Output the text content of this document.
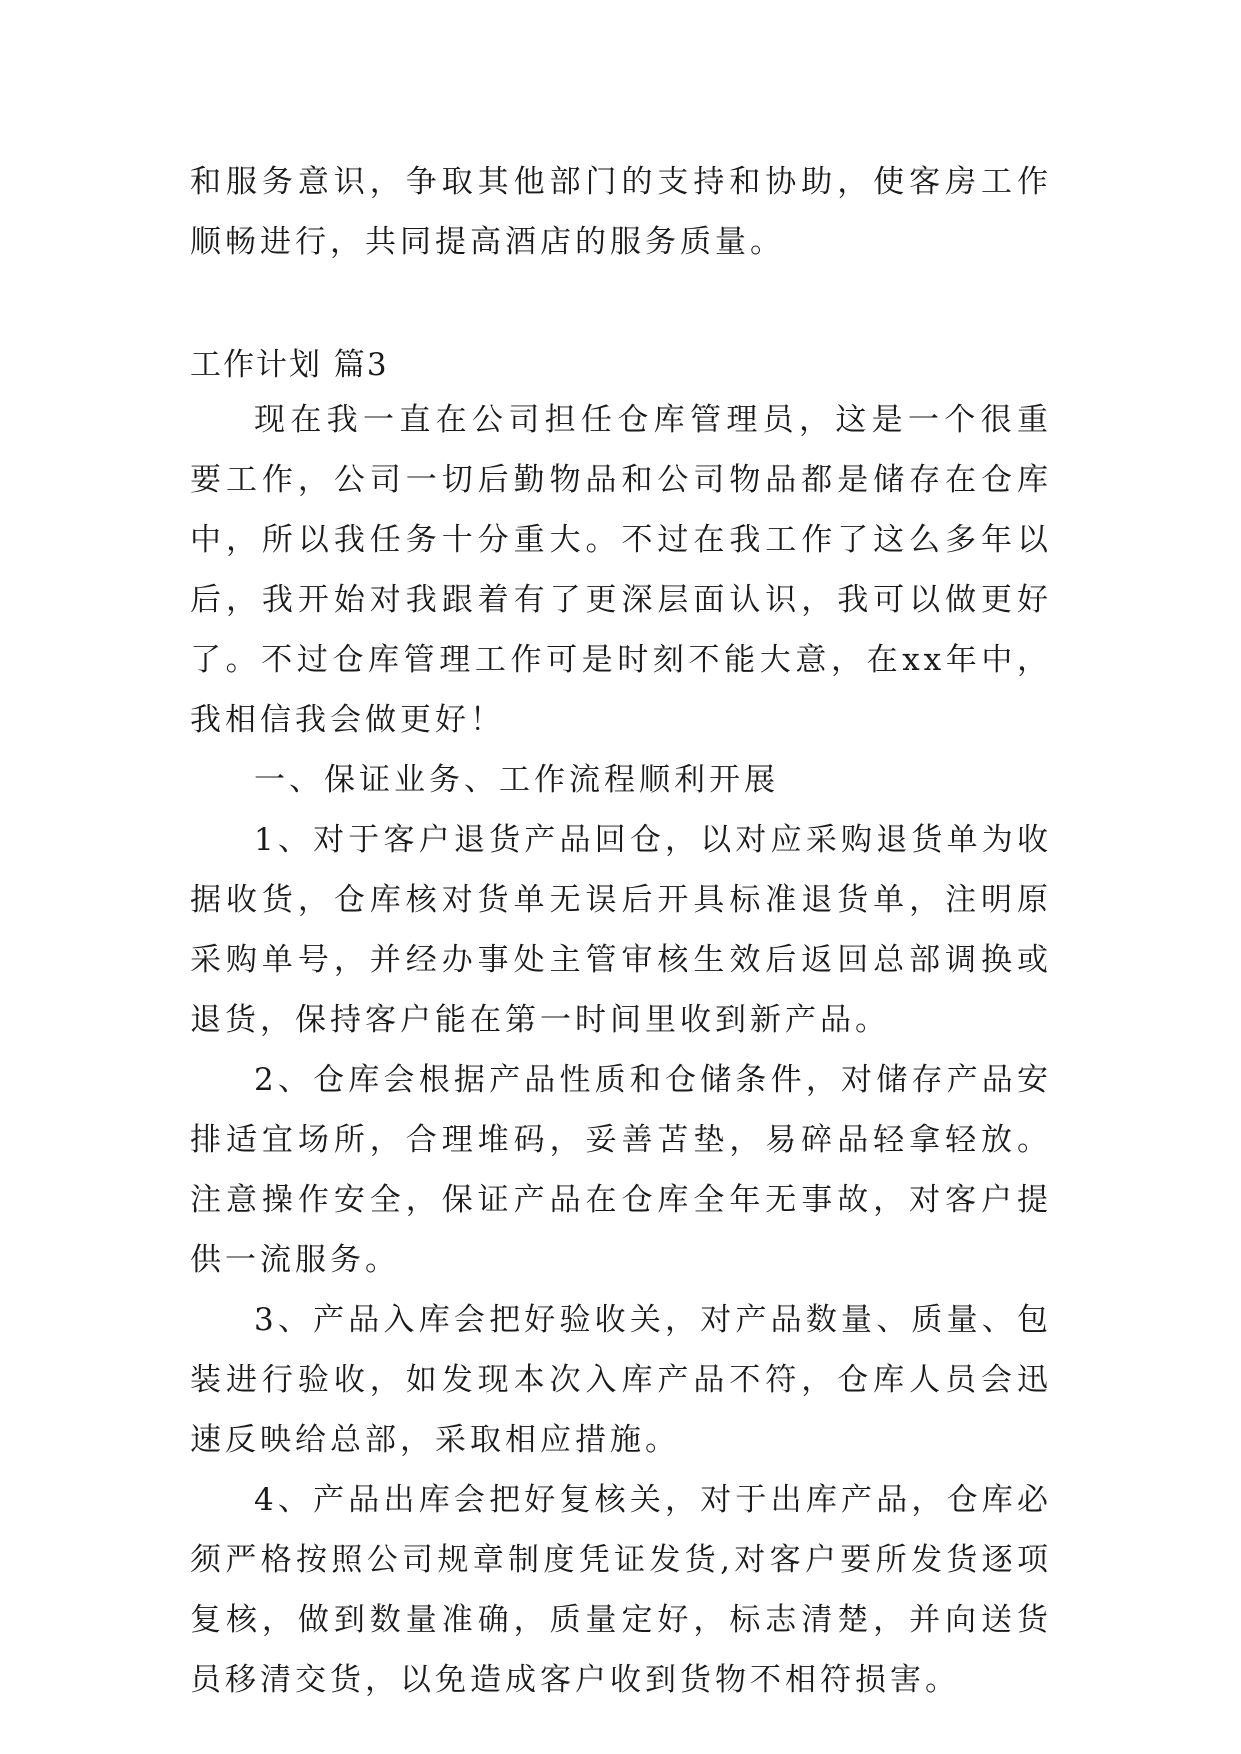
和服务意识，争取其他部门的支持和协助，使客房工作顺畅进行，共同提高酒店的服务质量。
工作计划 篇3

现在我一直在公司担任仓库管理员，这是一个很重要工作，公司一切后勤物品和公司物品都是储存在仓库中，所以我任务十分重大。不过在我工作了这么多年以后，我开始对我跟着有了更深层面认识，我可以做更好了。不过仓库管理工作可是时刻不能大意，在xx年中，我相信我会做更好！

一、保证业务、工作流程顺利开展

1、对于客户退货产品回仓，以对应采购退货单为收据收货，仓库核对货单无误后开具标准退货单，注明原采购单号，并经办事处主管审核生效后返回总部调换或退货，保持客户能在第一时间里收到新产品。

2、仓库会根据产品性质和仓储条件，对储存产品安排适宜场所，合理堆码，妥善苫垫，易碎品轻拿轻放。注意操作安全，保证产品在仓库全年无事故，对客户提供一流服务。

3、产品入库会把好验收关，对产品数量、质量、包装进行验收，如发现本次入库产品不符，仓库人员会迅速反映给总部，采取相应措施。

4、产品出库会把好复核关，对于出库产品，仓库必须严格按照公司规章制度凭证发货,对客户要所发货逐项复核，做到数量准确，质量定好，标志清楚，并向送货员移清交货，以免造成客户收到货物不相符损害。
